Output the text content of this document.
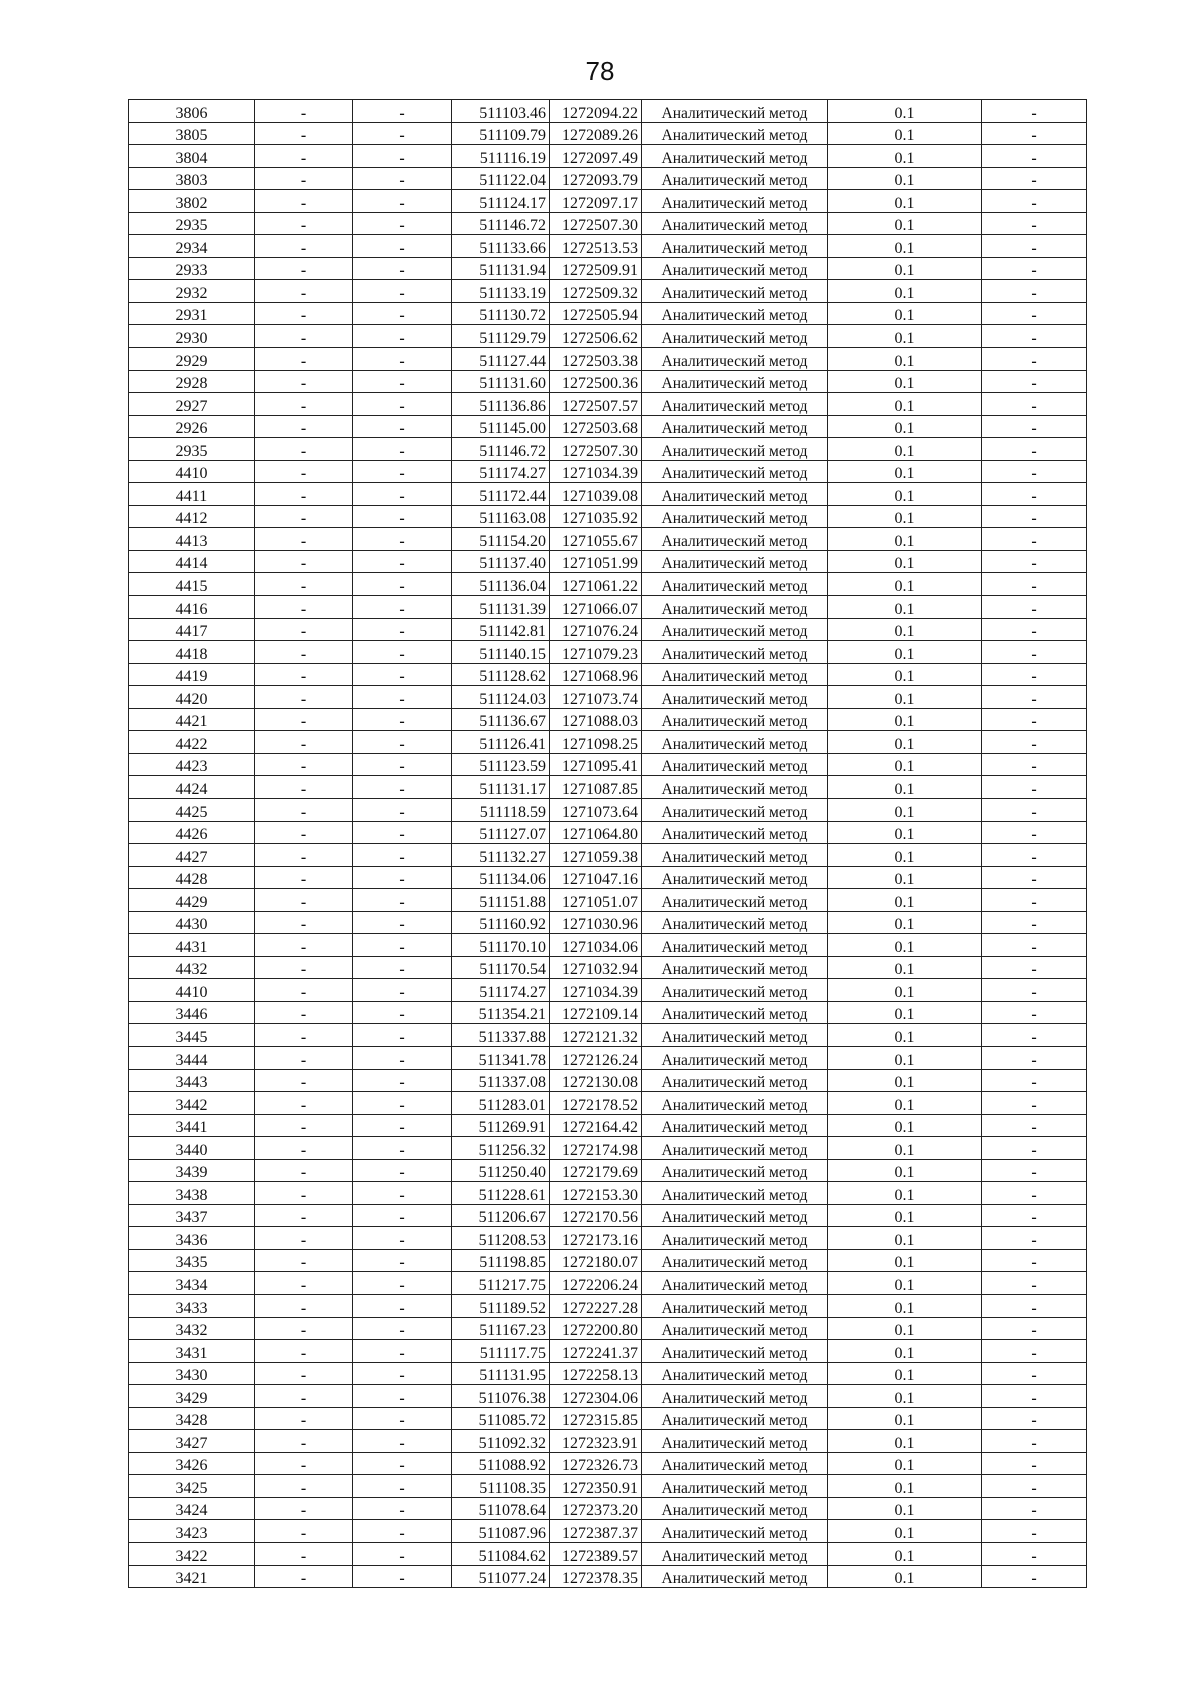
78
3806	-	-	511103.46	1272094.22	Аналитический метод	0.1	-
3805	-	-	511109.79	1272089.26	Аналитический метод	0.1	-
3804	-	-	511116.19	1272097.49	Аналитический метод	0.1	-
3803	-	-	511122.04	1272093.79	Аналитический метод	0.1	-
3802	-	-	511124.17	1272097.17	Аналитический метод	0.1	-
2935	-	-	511146.72	1272507.30	Аналитический метод	0.1	-
2934	-	-	511133.66	1272513.53	Аналитический метод	0.1	-
2933	-	-	511131.94	1272509.91	Аналитический метод	0.1	-
2932	-	-	511133.19	1272509.32	Аналитический метод	0.1	-
2931	-	-	511130.72	1272505.94	Аналитический метод	0.1	-
2930	-	-	511129.79	1272506.62	Аналитический метод	0.1	-
2929	-	-	511127.44	1272503.38	Аналитический метод	0.1	-
2928	-	-	511131.60	1272500.36	Аналитический метод	0.1	-
2927	-	-	511136.86	1272507.57	Аналитический метод	0.1	-
2926	-	-	511145.00	1272503.68	Аналитический метод	0.1	-
2935	-	-	511146.72	1272507.30	Аналитический метод	0.1	-
4410	-	-	511174.27	1271034.39	Аналитический метод	0.1	-
4411	-	-	511172.44	1271039.08	Аналитический метод	0.1	-
4412	-	-	511163.08	1271035.92	Аналитический метод	0.1	-
4413	-	-	511154.20	1271055.67	Аналитический метод	0.1	-
4414	-	-	511137.40	1271051.99	Аналитический метод	0.1	-
4415	-	-	511136.04	1271061.22	Аналитический метод	0.1	-
4416	-	-	511131.39	1271066.07	Аналитический метод	0.1	-
4417	-	-	511142.81	1271076.24	Аналитический метод	0.1	-
4418	-	-	511140.15	1271079.23	Аналитический метод	0.1	-
4419	-	-	511128.62	1271068.96	Аналитический метод	0.1	-
4420	-	-	511124.03	1271073.74	Аналитический метод	0.1	-
4421	-	-	511136.67	1271088.03	Аналитический метод	0.1	-
4422	-	-	511126.41	1271098.25	Аналитический метод	0.1	-
4423	-	-	511123.59	1271095.41	Аналитический метод	0.1	-
4424	-	-	511131.17	1271087.85	Аналитический метод	0.1	-
4425	-	-	511118.59	1271073.64	Аналитический метод	0.1	-
4426	-	-	511127.07	1271064.80	Аналитический метод	0.1	-
4427	-	-	511132.27	1271059.38	Аналитический метод	0.1	-
4428	-	-	511134.06	1271047.16	Аналитический метод	0.1	-
4429	-	-	511151.88	1271051.07	Аналитический метод	0.1	-
4430	-	-	511160.92	1271030.96	Аналитический метод	0.1	-
4431	-	-	511170.10	1271034.06	Аналитический метод	0.1	-
4432	-	-	511170.54	1271032.94	Аналитический метод	0.1	-
4410	-	-	511174.27	1271034.39	Аналитический метод	0.1	-
3446	-	-	511354.21	1272109.14	Аналитический метод	0.1	-
3445	-	-	511337.88	1272121.32	Аналитический метод	0.1	-
3444	-	-	511341.78	1272126.24	Аналитический метод	0.1	-
3443	-	-	511337.08	1272130.08	Аналитический метод	0.1	-
3442	-	-	511283.01	1272178.52	Аналитический метод	0.1	-
3441	-	-	511269.91	1272164.42	Аналитический метод	0.1	-
3440	-	-	511256.32	1272174.98	Аналитический метод	0.1	-
3439	-	-	511250.40	1272179.69	Аналитический метод	0.1	-
3438	-	-	511228.61	1272153.30	Аналитический метод	0.1	-
3437	-	-	511206.67	1272170.56	Аналитический метод	0.1	-
3436	-	-	511208.53	1272173.16	Аналитический метод	0.1	-
3435	-	-	511198.85	1272180.07	Аналитический метод	0.1	-
3434	-	-	511217.75	1272206.24	Аналитический метод	0.1	-
3433	-	-	511189.52	1272227.28	Аналитический метод	0.1	-
3432	-	-	511167.23	1272200.80	Аналитический метод	0.1	-
3431	-	-	511117.75	1272241.37	Аналитический метод	0.1	-
3430	-	-	511131.95	1272258.13	Аналитический метод	0.1	-
3429	-	-	511076.38	1272304.06	Аналитический метод	0.1	-
3428	-	-	511085.72	1272315.85	Аналитический метод	0.1	-
3427	-	-	511092.32	1272323.91	Аналитический метод	0.1	-
3426	-	-	511088.92	1272326.73	Аналитический метод	0.1	-
3425	-	-	511108.35	1272350.91	Аналитический метод	0.1	-
3424	-	-	511078.64	1272373.20	Аналитический метод	0.1	-
3423	-	-	511087.96	1272387.37	Аналитический метод	0.1	-
3422	-	-	511084.62	1272389.57	Аналитический метод	0.1	-
3421	-	-	511077.24	1272378.35	Аналитический метод	0.1	-
